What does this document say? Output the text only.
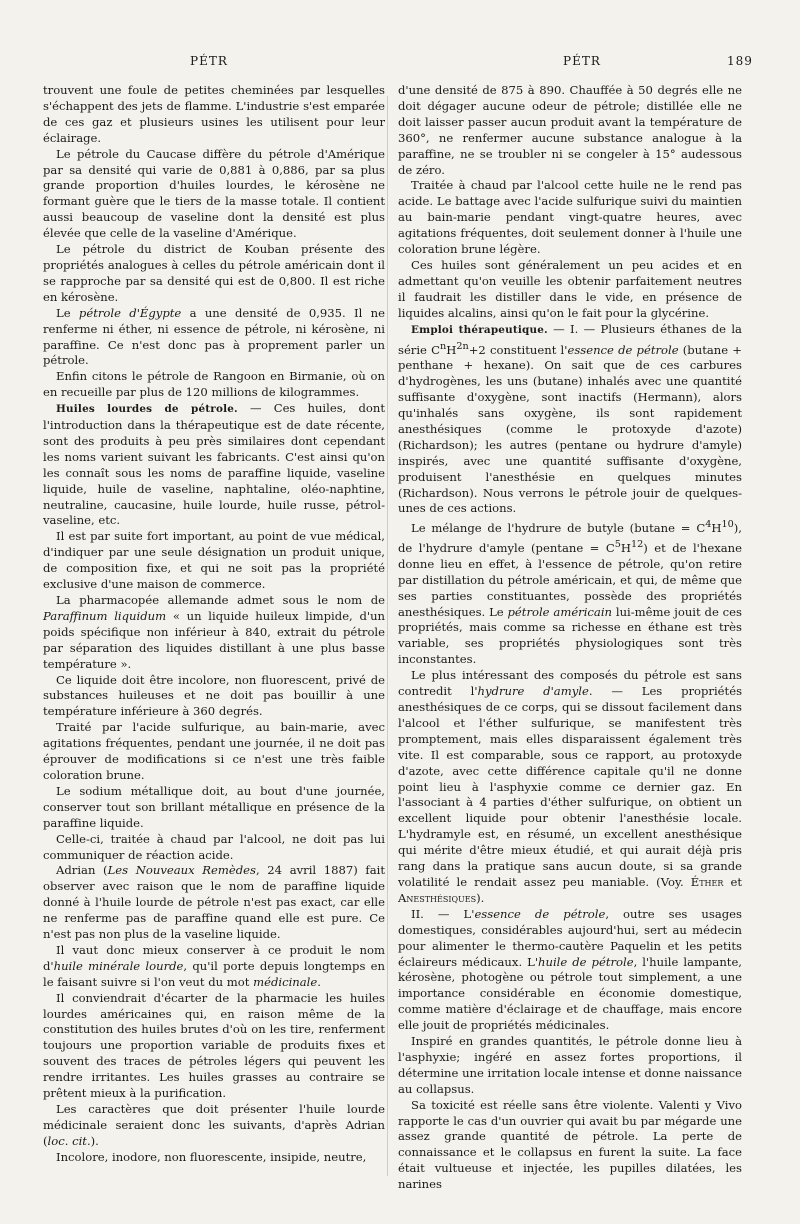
PÉTR	PÉTR	189

trouvent une foule de petites cheminées par lesquelles s'échappent des jets de flamme. L'industrie s'est emparée de ces gaz et plusieurs usines les utilisent pour leur éclairage.

Le pétrole du Caucase diffère du pétrole d'Amérique par sa densité qui varie de 0,881 à 0,886, par sa plus grande proportion d'huiles lourdes, le kérosène ne formant guère que le tiers de la masse totale. Il contient aussi beaucoup de vaseline dont la densité est plus élevée que celle de la vaseline d'Amérique.

Le pétrole du district de Kouban présente des propriétés analogues à celles du pétrole américain dont il se rapproche par sa densité qui est de 0,800. Il est riche en kérosène.

Le pétrole d'Égypte a une densité de 0,935. Il ne renferme ni éther, ni essence de pétrole, ni kérosène, ni paraffine. Ce n'est donc pas à proprement parler un pétrole.

Enfin citons le pétrole de Rangoon en Birmanie, où on en recueille par plus de 120 millions de kilogrammes.

Huiles lourdes de pétrole. — Ces huiles, dont l'introduction dans la thérapeutique est de date récente, sont des produits à peu près similaires dont cependant les noms varient suivant les fabricants. C'est ainsi qu'on les connaît sous les noms de paraffine liquide, vaseline liquide, huile de vaseline, naphtaline, oléo-naphtine, neutraline, caucasine, huile lourde, huile russe, pétrol-vaseline, etc.

Il est par suite fort important, au point de vue médical, d'indiquer par une seule désignation un produit unique, de composition fixe, et qui ne soit pas la propriété exclusive d'une maison de commerce.

La pharmacopée allemande admet sous le nom de Paraffinum liquidum « un liquide huileux limpide, d'un poids spécifique non inférieur à 840, extrait du pétrole par séparation des liquides distillant à une plus basse température ».

Ce liquide doit être incolore, non fluorescent, privé de substances huileuses et ne doit pas bouillir à une température inférieure à 360 degrés.

Traité par l'acide sulfurique, au bain-marie, avec agitations fréquentes, pendant une journée, il ne doit pas éprouver de modifications si ce n'est une très faible coloration brune.

Le sodium métallique doit, au bout d'une journée, conserver tout son brillant métallique en présence de la paraffine liquide.

Celle-ci, traitée à chaud par l'alcool, ne doit pas lui communiquer de réaction acide.

Adrian (Les Nouveaux Remèdes, 24 avril 1887) fait observer avec raison que le nom de paraffine liquide donné à l'huile lourde de pétrole n'est pas exact, car elle ne renferme pas de paraffine quand elle est pure. Ce n'est pas non plus de la vaseline liquide.

Il vaut donc mieux conserver à ce produit le nom d'huile minérale lourde, qu'il porte depuis longtemps en le faisant suivre si l'on veut du mot médicinale.

Il conviendrait d'écarter de la pharmacie les huiles lourdes américaines qui, en raison même de la constitution des huiles brutes d'où on les tire, renferment toujours une proportion variable de produits fixes et souvent des traces de pétroles légers qui peuvent les rendre irritantes. Les huiles grasses au contraire se prêtent mieux à la purification.

Les caractères que doit présenter l'huile lourde médicinale seraient donc les suivants, d'après Adrian (loc. cit.).

Incolore, inodore, non fluorescente, insipide, neutre,

d'une densité de 875 à 890. Chauffée à 50 degrés elle ne doit dégager aucune odeur de pétrole; distillée elle ne doit laisser passer aucun produit avant la température de 360°, ne renfermer aucune substance analogue à la paraffine, ne se troubler ni se congeler à 15° audessous de zéro.

Traitée à chaud par l'alcool cette huile ne le rend pas acide. Le battage avec l'acide sulfurique suivi du maintien au bain-marie pendant vingt-quatre heures, avec agitations fréquentes, doit seulement donner à l'huile une coloration brune légère.

Ces huiles sont généralement un peu acides et en admettant qu'on veuille les obtenir parfaitement neutres il faudrait les distiller dans le vide, en présence de liquides alcalins, ainsi qu'on le fait pour la glycérine.

Emploi thérapeutique. — I. — Plusieurs éthanes de la série $C^nH^{2n}+2$ constituent l'essence de pétrole (butane + penthane + hexane). On sait que de ces carbures d'hydrogènes, les uns (butane) inhalés avec une quantité suffisante d'oxygène, sont inactifs (Hermann), alors qu'inhalés sans oxygène, ils sont rapidement anesthésiques (comme le protoxyde d'azote) (Richardson); les autres (pentane ou hydrure d'amyle) inspirés, avec une quantité suffisante d'oxygène, produisent l'anesthésie en quelques minutes (Richardson). Nous verrons le pétrole jouir de quelques-unes de ces actions.

Le mélange de l'hydrure de butyle $(butane = C^4H^{10})$, de l'hydrure d'amyle $(pentane = C^5H^{12})$ et de l'hexane donne lieu en effet, à l'essence de pétrole, qu'on retire par distillation du pétrole américain, et qui, de même que ses parties constituantes, possède des propriétés anesthésiques. Le pétrole américain lui-même jouit de ces propriétés, mais comme sa richesse en éthane est très variable, ses propriétés physiologiques sont très inconstantes.

Le plus intéressant des composés du pétrole est sans contredit l'hydrure d'amyle. — Les propriétés anesthésiques de ce corps, qui se dissout facilement dans l'alcool et l'éther sulfurique, se manifestent très promptement, mais elles disparaissent également très vite. Il est comparable, sous ce rapport, au protoxyde d'azote, avec cette différence capitale qu'il ne donne point lieu à l'asphyxie comme ce dernier gaz. En l'associant à 4 parties d'éther sulfurique, on obtient un excellent liquide pour obtenir l'anesthésie locale. L'hydramyle est, en résumé, un excellent anesthésique qui mérite d'être mieux étudié, et qui aurait déjà pris rang dans la pratique sans aucun doute, si sa grande volatilité le rendait assez peu maniable. (Voy. Éther et Anesthésiques).

II. — L'essence de pétrole, outre ses usages domestiques, considérables aujourd'hui, sert au médecin pour alimenter le thermo-cautère Paquelin et les petits éclaireurs médicaux. L'huile de pétrole, l'huile lampante, kérosène, photogène ou pétrole tout simplement, a une importance considérable en économie domestique, comme matière d'éclairage et de chauffage, mais encore elle jouit de propriétés médicinales.

Inspiré en grandes quantités, le pétrole donne lieu à l'asphyxie; ingéré en assez fortes proportions, il détermine une irritation locale intense et donne naissance au collapsus.

Sa toxicité est réelle sans être violente. Valenti y Vivo rapporte le cas d'un ouvrier qui avait bu par mégarde une assez grande quantité de pétrole. La perte de connaissance et le collapsus en furent la suite. La face était vultueuse et injectée, les pupilles dilatées, les narines
